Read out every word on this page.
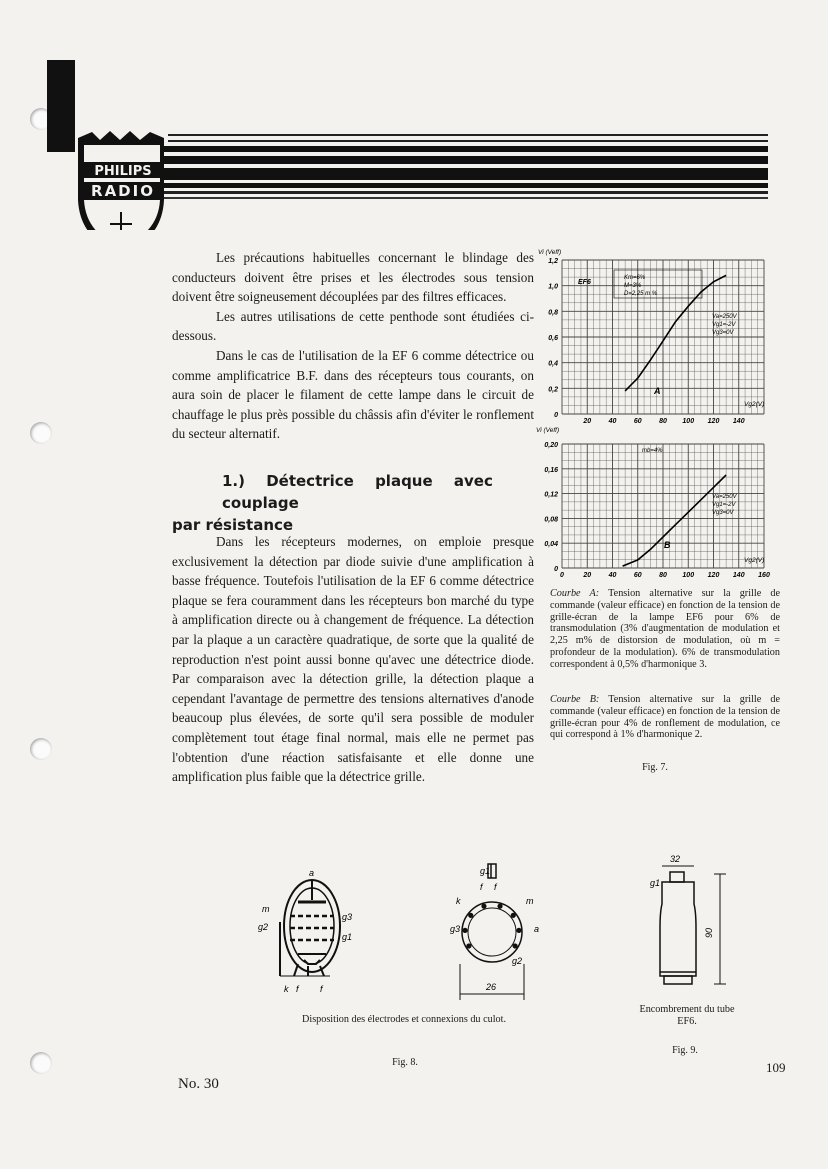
PHILIPS
RADIO

Les précautions habituelles concernant le blindage des conducteurs doivent être prises et les électrodes sous tension doivent être soigneusement découplées par des filtres efficaces.

Les autres utilisations de cette penthode sont étudiées ci-dessous.

Dans le cas de l'utilisation de la EF 6 comme détectrice ou comme amplificatrice B.F. dans des récepteurs tous courants, on aura soin de placer le filament de cette lampe dans le circuit de chauffage le plus près possible du châssis afin d'éviter le ronflement du secteur alternatif.

1.) Détectrice plaque avec couplage
par résistance

Dans les récepteurs modernes, on emploie presque exclusivement la détection par diode suivie d'une amplification à basse fréquence. Toutefois l'utilisation de la EF 6 comme détectrice plaque se fera couramment dans les récepteurs bon marché du type à amplification directe ou à changement de fréquence. La détection par la plaque a un caractère quadratique, de sorte que la qualité de reproduction n'est point aussi bonne qu'avec une détectrice diode. Par comparaison avec la détection grille, la détection plaque a cependant l'avantage de permettre des tensions alternatives d'anode beaucoup plus élevées, de sorte qu'il sera possible de moduler complètement tout étage final normal, mais elle ne permet pas l'obtention d'une réaction satisfaisante et elle donne une amplification plus faible que la détectrice grille.

0
0,2
0,4
0,6
0,8
1,0
1,2
20 40 60 80 100 120 140
Vi (Veff)
Vg2(V)
EF6
Km=6%
M=3%
D=2,25 m %
Va=250V
Vg1=-2V
Vg3=0V
A
0
0,04
0,08
0,12
0,16
0,20
0	20 40 60 80 100 120 140 160
Vi (Veff)
Vg2(V)
mb=4%
Va=250V
Vg1=-2V
Vg3=0V
B
Courbe A: Tension alternative sur la grille de commande (valeur efficace) en fonction de la tension de grille-écran de la lampe EF6 pour 6% de transmodulation (3% d'augmentation de modulation et 2,25 m% de distorsion de modulation, où m = profondeur de la modulation). 6% de transmodulation correspondent à 0,5% d'harmonique 3.
Courbe B: Tension alternative sur la grille de commande (valeur efficace) en fonction de la tension de grille-écran pour 4% de ronflement de modulation, ce qui correspond à 1% d'harmonique 2.
Fig. 7.
a
m
g2
g3
g1
k f f
g1
f f
k	m
g3	a
g2
26
Disposition des électrodes et connexions du culot.
Fig. 8.
32
g1
90
Encombrement du tube EF6.
Fig. 9.
No. 30
109
